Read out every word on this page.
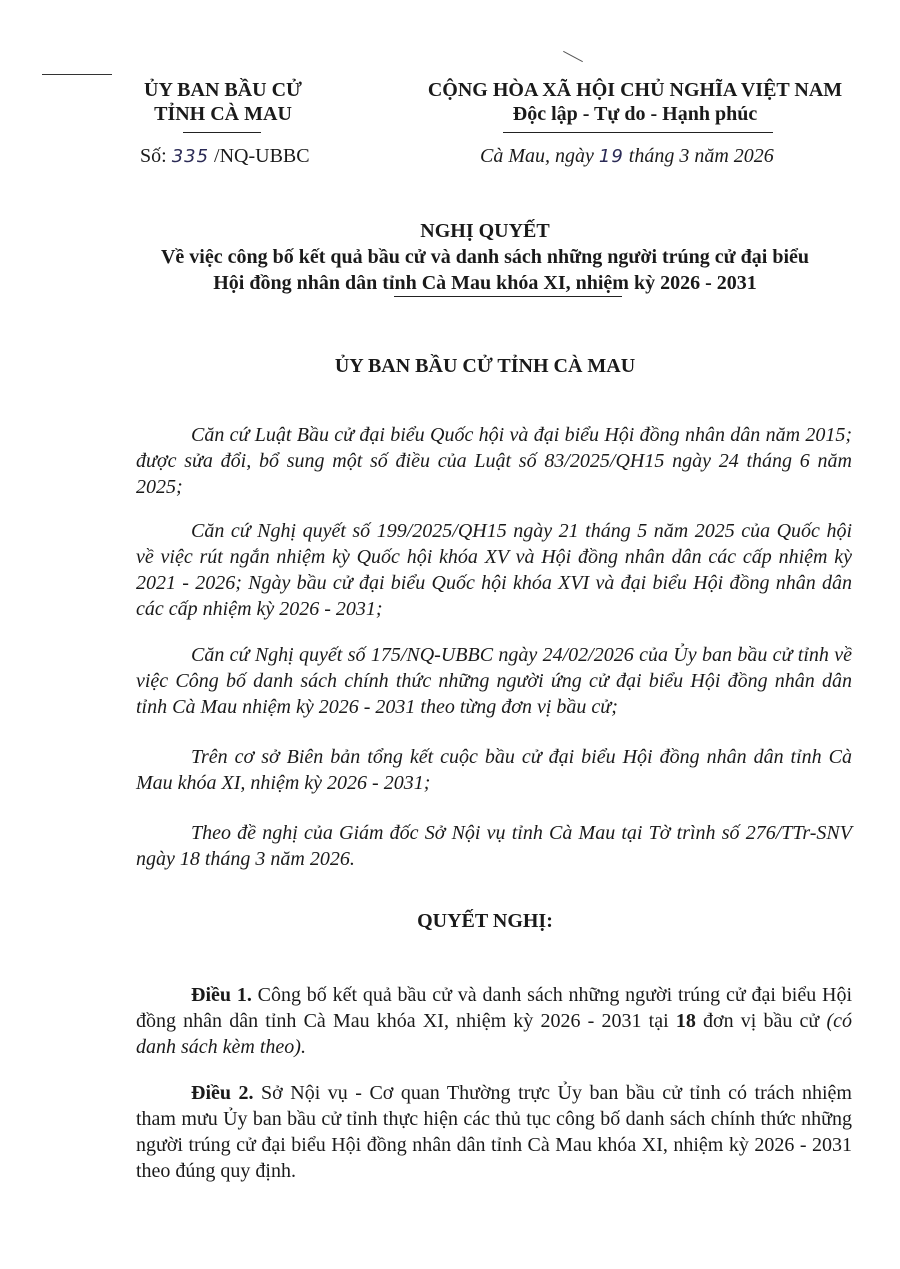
ỦY BAN BẦU CỬ
TỈNH CÀ MAU
CỘNG HÒA XÃ HỘI CHỦ NGHĨA VIỆT NAM
Độc lập - Tự do - Hạnh phúc
Số: 335 /NQ-UBBC	Cà Mau, ngày 19 tháng 3 năm 2026
NGHỊ QUYẾT
Về việc công bố kết quả bầu cử và danh sách những người trúng cử đại biểu
Hội đồng nhân dân tỉnh Cà Mau khóa XI, nhiệm kỳ 2026 - 2031
ỦY BAN BẦU CỬ TỈNH CÀ MAU

Căn cứ Luật Bầu cử đại biểu Quốc hội và đại biểu Hội đồng nhân dân năm 2015; được sửa đổi, bổ sung một số điều của Luật số 83/2025/QH15 ngày 24 tháng 6 năm 2025;

Căn cứ Nghị quyết số 199/2025/QH15 ngày 21 tháng 5 năm 2025 của Quốc hội về việc rút ngắn nhiệm kỳ Quốc hội khóa XV và Hội đồng nhân dân các cấp nhiệm kỳ 2021 - 2026; Ngày bầu cử đại biểu Quốc hội khóa XVI và đại biểu Hội đồng nhân dân các cấp nhiệm kỳ 2026 - 2031;

Căn cứ Nghị quyết số 175/NQ-UBBC ngày 24/02/2026 của Ủy ban bầu cử tỉnh về việc Công bố danh sách chính thức những người ứng cử đại biểu Hội đồng nhân dân tỉnh Cà Mau nhiệm kỳ 2026 - 2031 theo từng đơn vị bầu cử;

Trên cơ sở Biên bản tổng kết cuộc bầu cử đại biểu Hội đồng nhân dân tỉnh Cà Mau khóa XI, nhiệm kỳ 2026 - 2031;

Theo đề nghị của Giám đốc Sở Nội vụ tỉnh Cà Mau tại Tờ trình số 276/TTr-SNV ngày 18 tháng 3 năm 2026.

QUYẾT NGHỊ:

Điều 1. Công bố kết quả bầu cử và danh sách những người trúng cử đại biểu Hội đồng nhân dân tỉnh Cà Mau khóa XI, nhiệm kỳ 2026 - 2031 tại 18 đơn vị bầu cử (có danh sách kèm theo).

Điều 2. Sở Nội vụ - Cơ quan Thường trực Ủy ban bầu cử tỉnh có trách nhiệm tham mưu Ủy ban bầu cử tỉnh thực hiện các thủ tục công bố danh sách chính thức những người trúng cử đại biểu Hội đồng nhân dân tỉnh Cà Mau khóa XI, nhiệm kỳ 2026 - 2031 theo đúng quy định.
